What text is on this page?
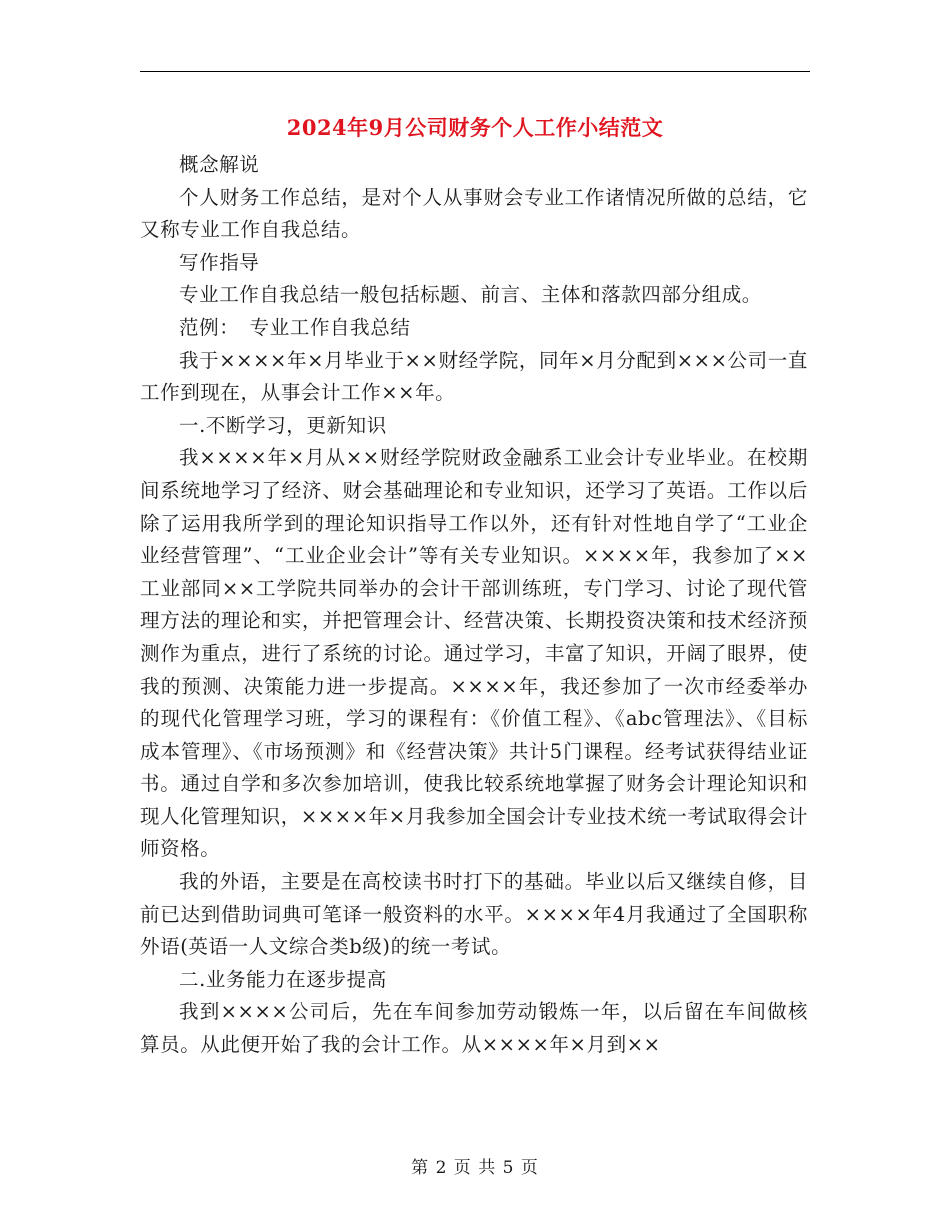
2024年9月公司财务个人工作小结范文

概念解说

个人财务工作总结，是对个人从事财会专业工作诸情况所做的总结，它又称专业工作自我总结。

写作指导

专业工作自我总结一般包括标题、前言、主体和落款四部分组成。

范例：　专业工作自我总结

我于××××年×月毕业于××财经学院，同年×月分配到×××公司一直工作到现在，从事会计工作××年。

一.不断学习，更新知识

我××××年×月从××财经学院财政金融系工业会计专业毕业。在校期间系统地学习了经济、财会基础理论和专业知识，还学习了英语。工作以后除了运用我所学到的理论知识指导工作以外，还有针对性地自学了“工业企业经营管理”、“工业企业会计”等有关专业知识。××××年，我参加了××工业部同××工学院共同举办的会计干部训练班，专门学习、讨论了现代管理方法的理论和实，并把管理会计、经营决策、长期投资决策和技术经济预测作为重点，进行了系统的讨论。通过学习，丰富了知识，开阔了眼界，使我的预测、决策能力进一步提高。××××年，我还参加了一次市经委举办的现代化管理学习班，学习的课程有：《价值工程》、《abc管理法》、《目标成本管理》、《市场预测》和《经营决策》共计5门课程。经考试获得结业证书。通过自学和多次参加培训，使我比较系统地掌握了财务会计理论知识和现人化管理知识，××××年×月我参加全国会计专业技术统一考试取得会计师资格。

我的外语，主要是在高校读书时打下的基础。毕业以后又继续自修，目前已达到借助词典可笔译一般资料的水平。××××年4月我通过了全国职称外语(英语一人文综合类b级)的统一考试。

二.业务能力在逐步提高

我到××××公司后，先在车间参加劳动锻炼一年，以后留在车间做核算员。从此便开始了我的会计工作。从××××年×月到××

第 2 页 共 5 页
